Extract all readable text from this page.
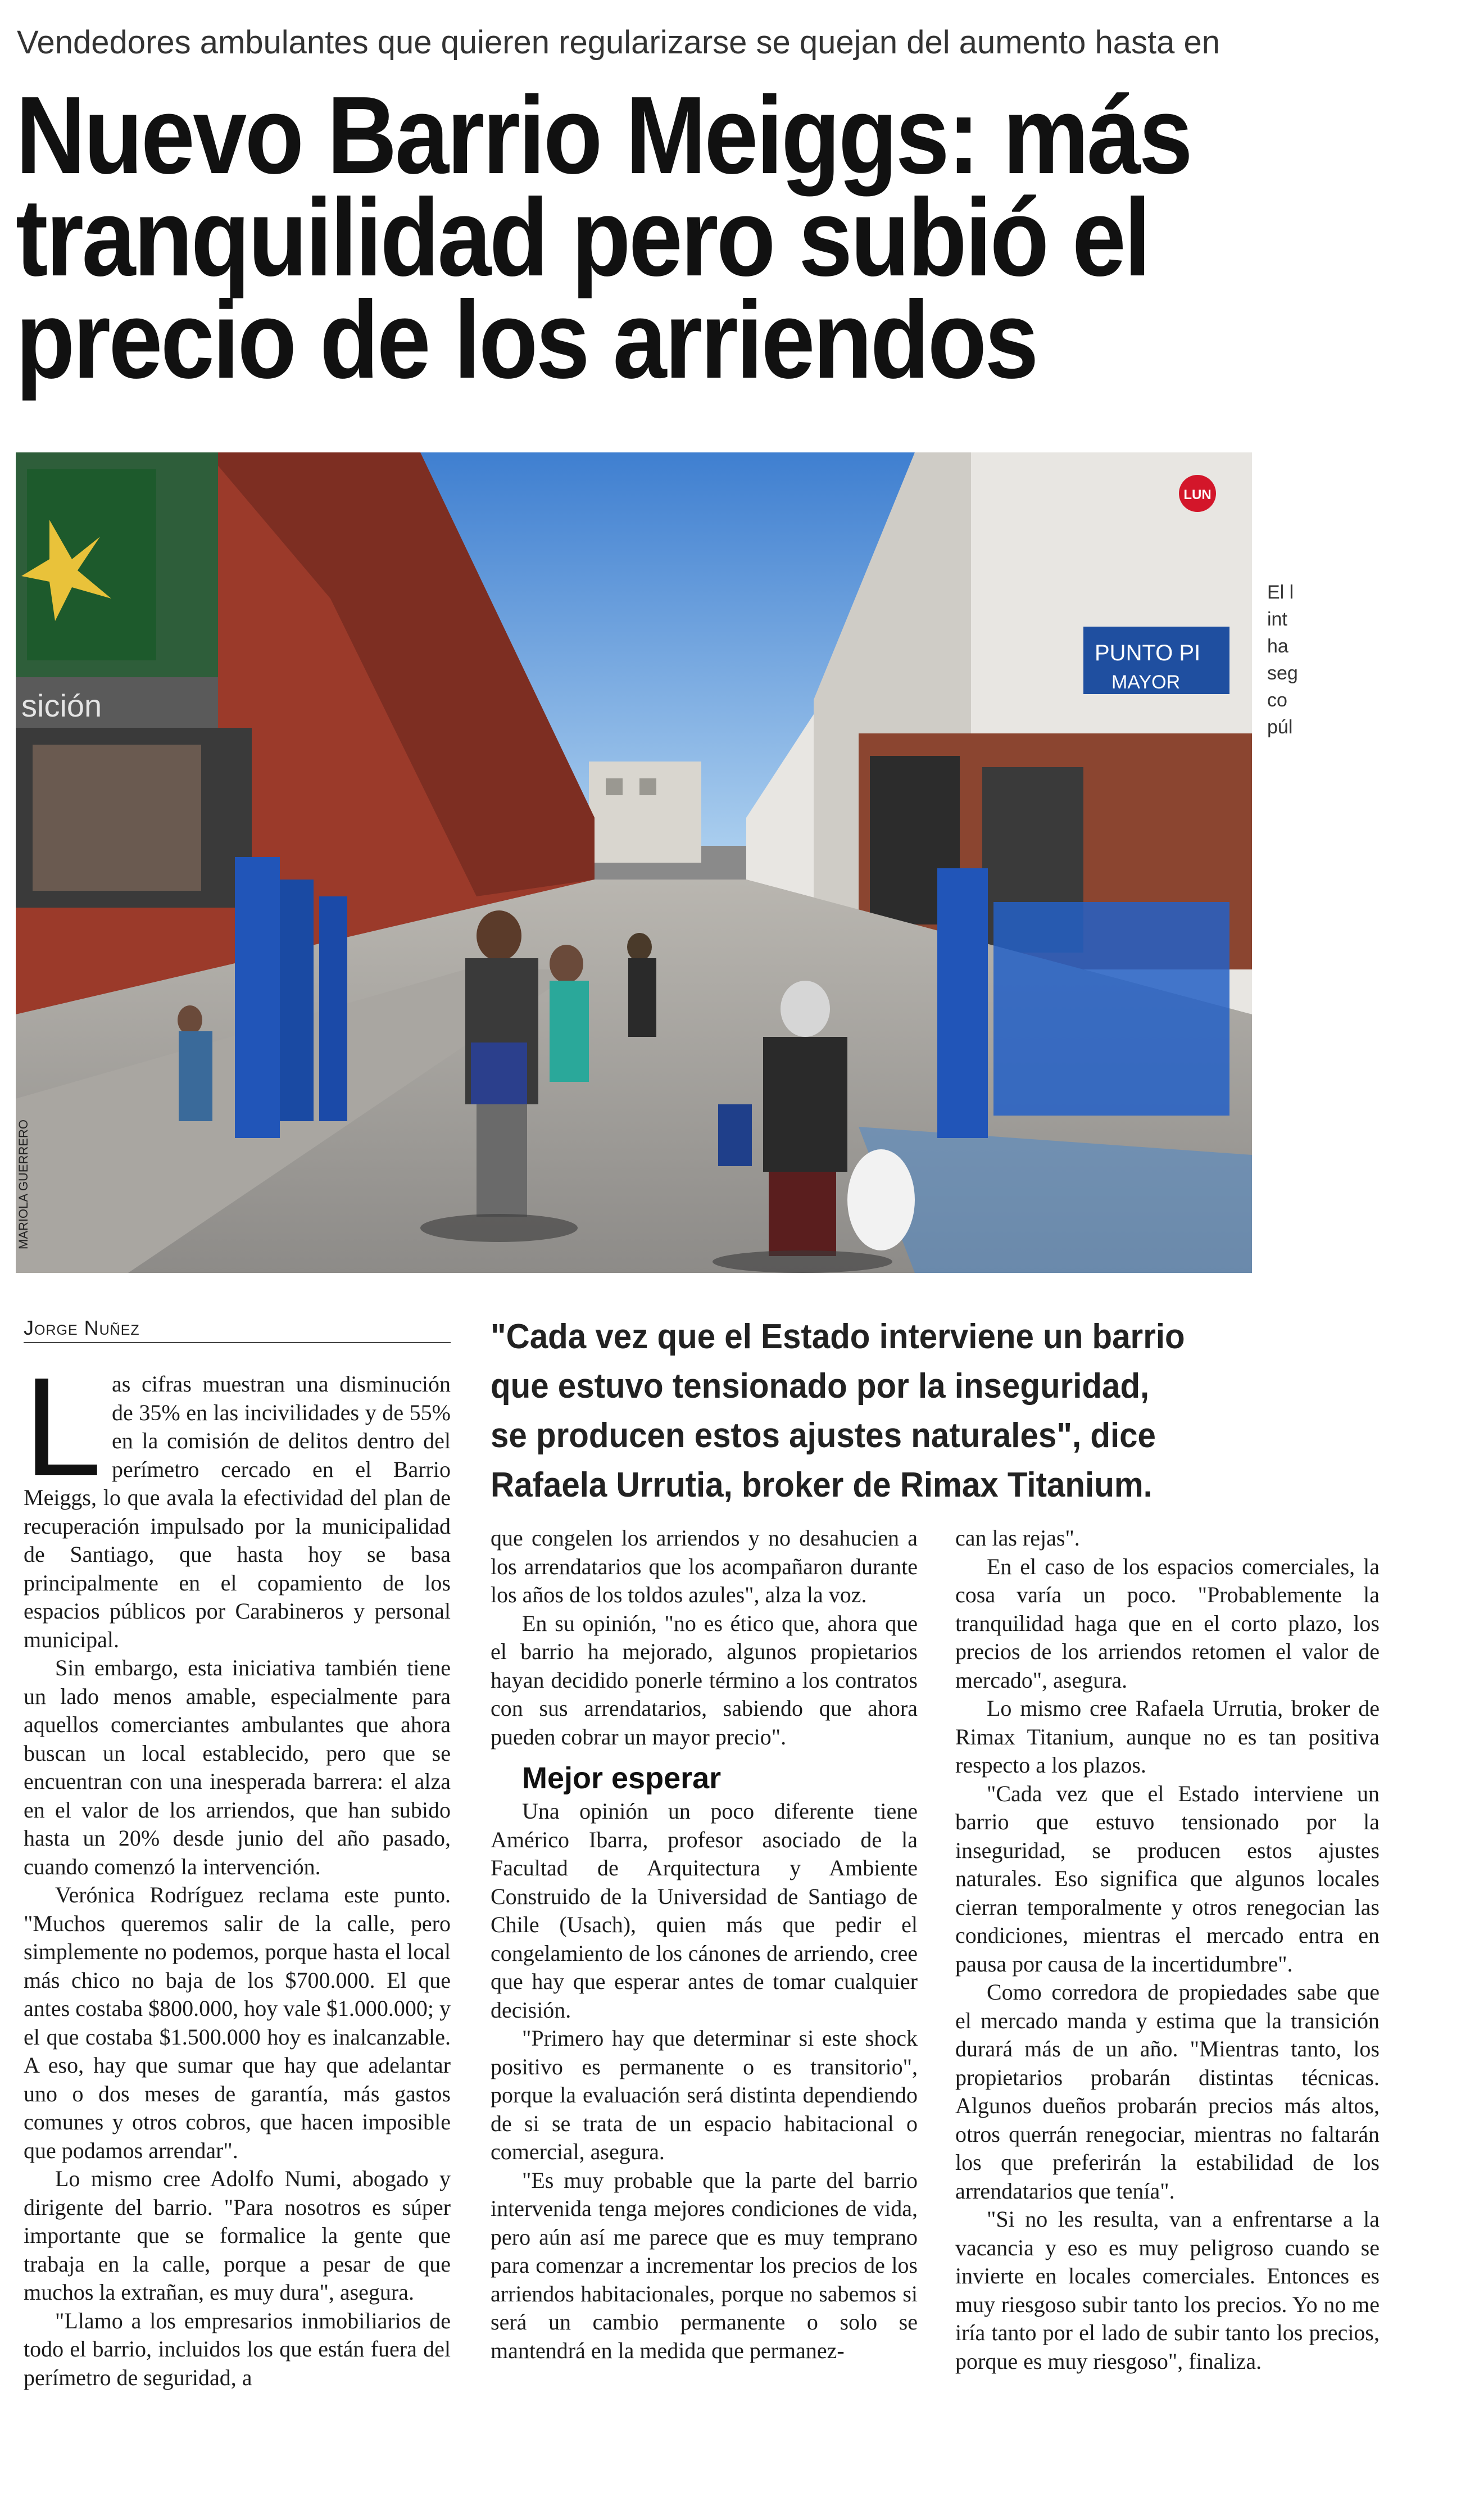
Vendedores ambulantes que quieren regularizarse se quejan del aumento hasta en
Nuevo Barrio Meiggs: más
tranquilidad pero subió el
precio de los arriendos
sición
PUNTO PI
MAYOR
LUN
MARIOLA GUERRERO
El l
int
ha
seg
co
púl
Jorge Nuñez	"Cada vez que el Estado interviene un barrio
que estuvo tensionado por la inseguridad,
se producen estos ajustes naturales", dice
Rafaela Urrutia, broker de Rimax Titanium.
L as cifras muestran una disminución de 35% en las incivilidades y de 55% en la comisión de delitos dentro del perímetro cercado en el Barrio Meiggs, lo que avala la efectividad del plan de recuperación impulsado por la municipalidad de Santiago, que hasta hoy se basa principalmente en el copamiento de los espacios públicos por Carabineros y personal municipal.

Sin embargo, esta iniciativa también tiene un lado menos amable, especialmente para aquellos comerciantes ambulantes que ahora buscan un local establecido, pero que se encuentran con una inesperada barrera: el alza en el valor de los arriendos, que han subido hasta un 20% desde junio del año pasado, cuando comenzó la intervención.

Verónica Rodríguez reclama este punto. "Muchos queremos salir de la calle, pero simplemente no podemos, porque hasta el local más chico no baja de los $700.000. El que antes costaba $800.000, hoy vale $1.000.000; y el que costaba $1.500.000 hoy es inalcanzable. A eso, hay que sumar que hay que adelantar uno o dos meses de garantía, más gastos comunes y otros cobros, que hacen imposible que podamos arrendar".

Lo mismo cree Adolfo Numi, abogado y dirigente del barrio. "Para nosotros es súper importante que se formalice la gente que trabaja en la calle, porque a pesar de que muchos la extrañan, es muy dura", asegura.

"Llamo a los empresarios inmobiliarios de todo el barrio, incluidos los que están fuera del perímetro de seguridad, a

que congelen los arriendos y no desahucien a los arrendatarios que los acompañaron durante los años de los toldos azules", alza la voz.

En su opinión, "no es ético que, ahora que el barrio ha mejorado, algunos propietarios hayan decidido ponerle término a los contratos con sus arrendatarios, sabiendo que ahora pueden cobrar un mayor precio".

Mejor esperar

Una opinión un poco diferente tiene Américo Ibarra, profesor asociado de la Facultad de Arquitectura y Ambiente Construido de la Universidad de Santiago de Chile (Usach), quien más que pedir el congelamiento de los cánones de arriendo, cree que hay que esperar antes de tomar cualquier decisión.

"Primero hay que determinar si este shock positivo es permanente o es transitorio", porque la evaluación será distinta dependiendo de si se trata de un espacio habitacional o comercial, asegura.

"Es muy probable que la parte del barrio intervenida tenga mejores condiciones de vida, pero aún así me parece que es muy temprano para comenzar a incrementar los precios de los arriendos habitacionales, porque no sabemos si será un cambio permanente o solo se mantendrá en la medida que permanez-

can las rejas".

En el caso de los espacios comerciales, la cosa varía un poco. "Probablemente la tranquilidad haga que en el corto plazo, los precios de los arriendos retomen el valor de mercado", asegura.

Lo mismo cree Rafaela Urrutia, broker de Rimax Titanium, aunque no es tan positiva respecto a los plazos.

"Cada vez que el Estado interviene un barrio que estuvo tensionado por la inseguridad, se producen estos ajustes naturales. Eso significa que algunos locales cierran temporalmente y otros renegocian las condiciones, mientras el mercado entra en pausa por causa de la incertidumbre".

Como corredora de propiedades sabe que el mercado manda y estima que la transición durará más de un año. "Mientras tanto, los propietarios probarán distintas técnicas. Algunos dueños probarán precios más altos, otros querrán renegociar, mientras no faltarán los que preferirán la estabilidad de los arrendatarios que tenía".

"Si no les resulta, van a enfrentarse a la vacancia y eso es muy peligroso cuando se invierte en locales comerciales. Entonces es muy riesgoso subir tanto los precios. Yo no me iría tanto por el lado de subir tanto los precios, porque es muy riesgoso", finaliza.
